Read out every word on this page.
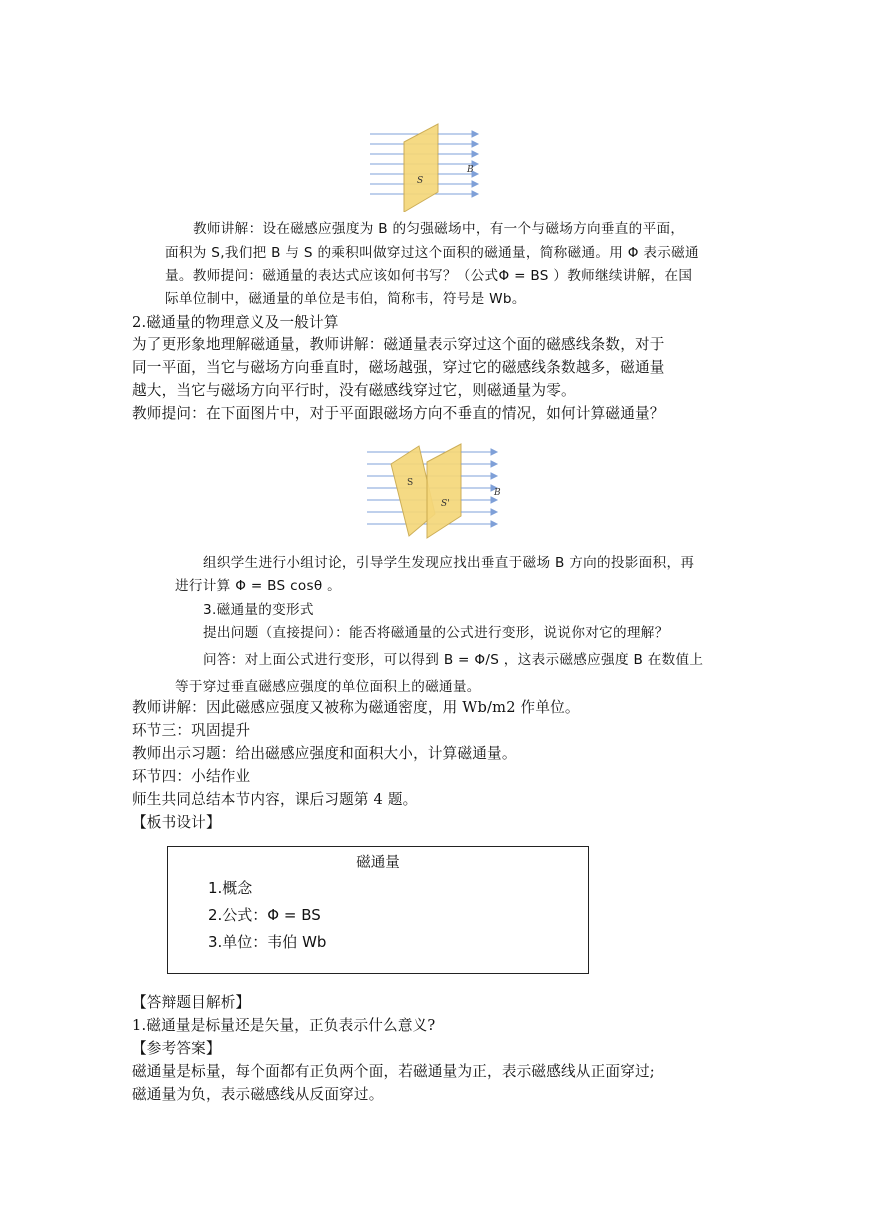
S
B
教师讲解：设在磁感应强度为 B 的匀强磁场中，有一个与磁场方向垂直的平面，
面积为 S,我们把 B 与 S 的乘积叫做穿过这个面积的磁通量，简称磁通。用 Φ 表示磁通
量。教师提问：磁通量的表达式应该如何书写？（公式Φ = BS ）教师继续讲解，在国
际单位制中，磁通量的单位是韦伯，简称韦，符号是 Wb。
2.磁通量的物理意义及一般计算
为了更形象地理解磁通量，教师讲解：磁通量表示穿过这个面的磁感线条数，对于
同一平面，当它与磁场方向垂直时，磁场越强，穿过它的磁感线条数越多，磁通量
越大，当它与磁场方向平行时，没有磁感线穿过它，则磁通量为零。
教师提问：在下面图片中，对于平面跟磁场方向不垂直的情况，如何计算磁通量？
S
S'
B
组织学生进行小组讨论，引导学生发现应找出垂直于磁场 B 方向的投影面积，再
进行计算 Φ = BS cosθ 。
3.磁通量的变形式
提出问题（直接提问）：能否将磁通量的公式进行变形，说说你对它的理解？
问答：对上面公式进行变形，可以得到 B = Φ/S ，这表示磁感应强度 B 在数值上
等于穿过垂直磁感应强度的单位面积上的磁通量。
教师讲解：因此磁感应强度又被称为磁通密度，用 Wb/m2 作单位。
环节三：巩固提升
教师出示习题：给出磁感应强度和面积大小，计算磁通量。
环节四：小结作业
师生共同总结本节内容，课后习题第 4 题。
【板书设计】
磁通量
1.概念
2.公式：Φ = BS
3.单位：韦伯 Wb
【答辩题目解析】
1.磁通量是标量还是矢量，正负表示什么意义?
【参考答案】
磁通量是标量，每个面都有正负两个面，若磁通量为正，表示磁感线从正面穿过;
磁通量为负，表示磁感线从反面穿过。
